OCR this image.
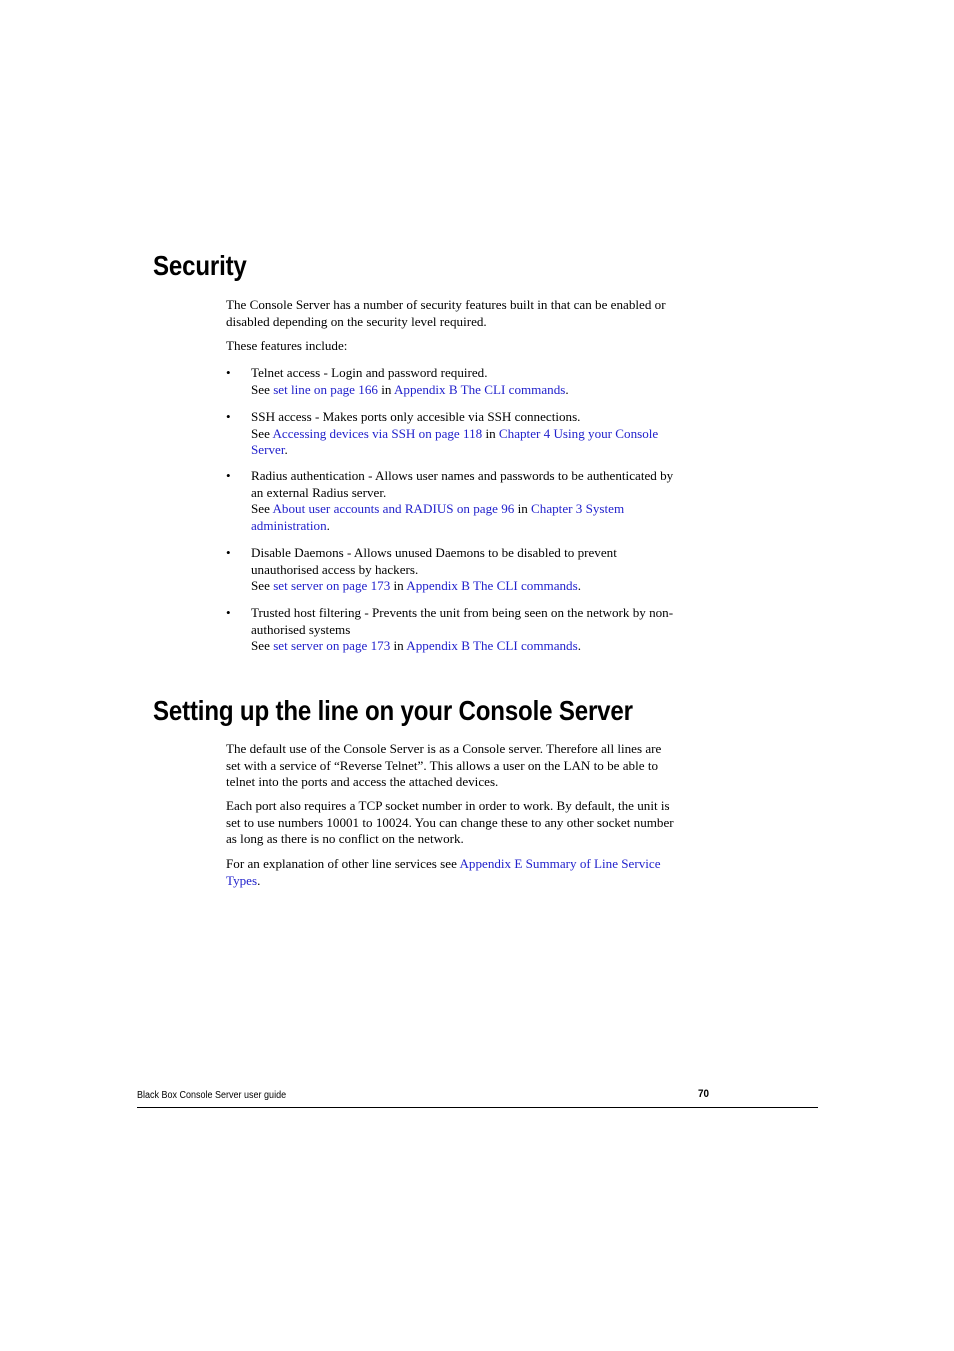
Security
The Console Server has a number of security features built in that can be enabled or
disabled depending on the security level required.
These features include:
• Telnet access - Login and password required.
See set line on page 166 in Appendix B The CLI commands.
• SSH access - Makes ports only accesible via SSH connections.
See Accessing devices via SSH on page 118 in Chapter 4 Using your Console
Server.
• Radius authentication - Allows user names and passwords to be authenticated by
an external Radius server.
See About user accounts and RADIUS on page 96 in Chapter 3 System
administration.
• Disable Daemons - Allows unused Daemons to be disabled to prevent
unauthorised access by hackers.
See set server on page 173 in Appendix B The CLI commands.
• Trusted host filtering - Prevents the unit from being seen on the network by non-
authorised systems
See set server on page 173 in Appendix B The CLI commands.
Setting up the line on your Console Server
The default use of the Console Server is as a Console server. Therefore all lines are
set with a service of “Reverse Telnet”. This allows a user on the LAN to be able to
telnet into the ports and access the attached devices.
Each port also requires a TCP socket number in order to work. By default, the unit is
set to use numbers 10001 to 10024. You can change these to any other socket number
as long as there is no conflict on the network.
For an explanation of other line services see Appendix E Summary of Line Service
Types.
Black Box Console Server user guide	70
